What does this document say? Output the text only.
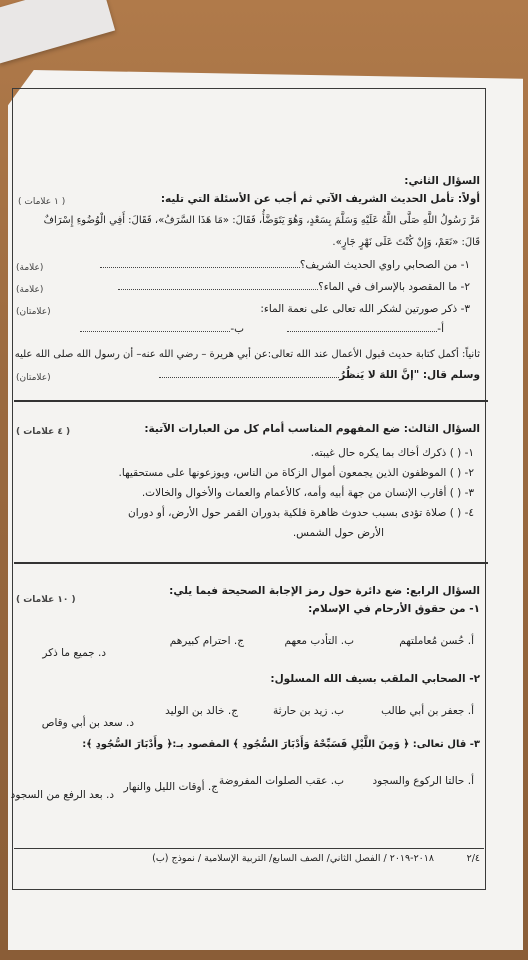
السؤال الثاني:
أولاً: تأمل الحديث الشريف الآتي ثم أجب عن الأسئلة التي تليه:
( ١ علامات )
مَرَّ رَسُولُ اللَّهِ صَلَّى اللَّهُ عَلَيْهِ وَسَلَّمَ بِسَعْدٍ، وَهُوَ يَتَوَضَّأُ، فَقَالَ: «مَا هَذَا السَّرَفُ»، فَقَالَ: أَفِي الْوُضُوءِ إِسْرَافٌ
قَالَ: «نَعَمْ، وَإِنْ كُنْتَ عَلَى نَهْرٍ جَارٍ».
١- من الصحابي راوي الحديث الشريف؟
(علامة)
٢- ما المقصود بالإسراف في الماء؟
(علامة)
٣- ذكر صورتين لشكر الله تعالى على نعمة الماء:
(علامتان)
أ-
ب-
ثانياً: أكمل كتابة حديث قبول الأعمال عند الله تعالى:عن أبي هريرة – رضي الله عنه– أن رسول الله صلى الله عليه
وسلم قال: "إنَّ اللهَ لا يَنظُرُ
(علامتان)
السؤال الثالث: ضع المفهوم المناسب أمام كل من العبارات الآتية:
( ٤ علامات )
١- ( ) ذكرك أخاك بما يكره حال غيبته.
٢- ( ) الموظفون الذين يجمعون أموال الزكاة من الناس، ويوزعونها على مستحقيها.
٣- ( ) أقارب الإنسان من جهة أبيه وأمه، كالأعمام والعمات والأخوال والخالات.
٤- ( ) صلاة تؤدى بسبب حدوث ظاهرة فلكية بدوران القمر حول الأرض، أو دوران
الأرض حول الشمس.
السؤال الرابع: ضع دائرة حول رمز الإجابة الصحيحة فيما يلي:
( ١٠ علامات )
١- من حقوق الأرحام في الإسلام:
أ. حُسن مُعاملتهم
ب. التأدب معهم
ج. احترام كبيرهم
د. جميع ما ذكر
٢- الصحابي الملقب بسيف الله المسلول:
أ. جعفر بن أبي طالب
ب. زيد بن حارثة
ج. خالد بن الوليد
د. سعد بن أبي وقاص
٣- قال تعالى: ﴿ وَمِنَ اللَّيْلِ فَسَبِّحْهُ وَأَدْبَارَ السُّجُودِ ﴾ المقصود بـ:﴿ وأَدْبَارَ السُّجُودِ ﴾:
أ. حالتا الركوع والسجود
ب. عقب الصلوات المفروضة
ج. أوقات الليل والنهار
د. بعد الرفع من السجود
٢٠١٨-٢٠١٩ / الفصل الثاني/ الصف السابع/ التربية الإسلامية / نموذج (ب)	٢/٤
